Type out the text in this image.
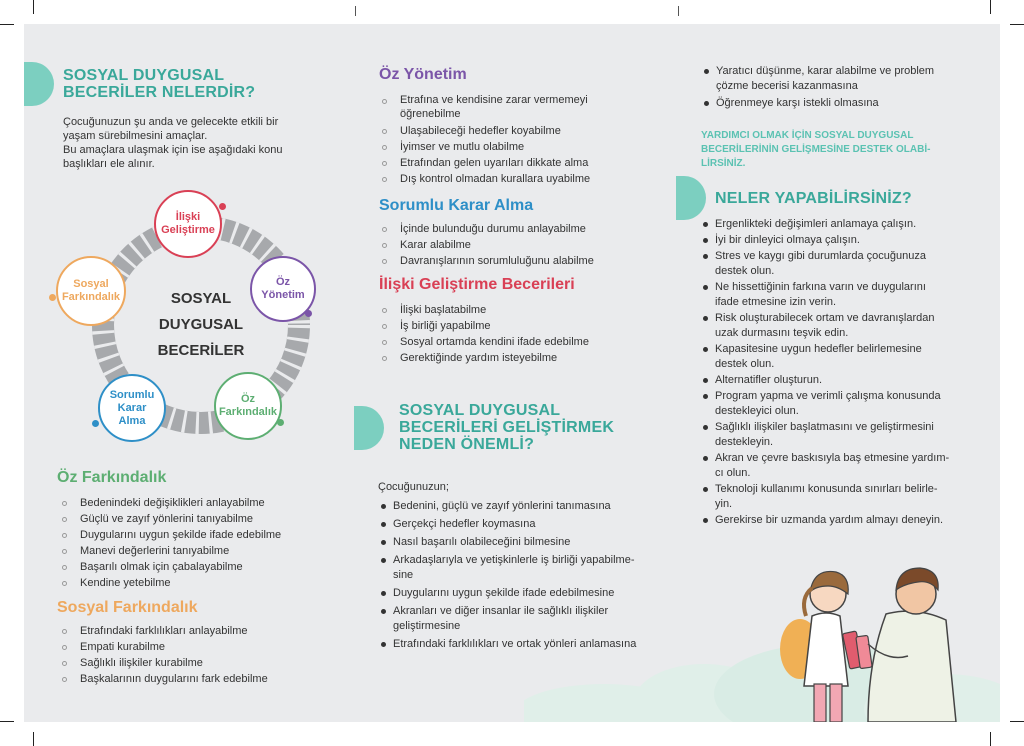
SOSYAL DUYGUSAL
BECERİLER NELERDİR?
Çocuğunuzun şu anda ve gelecekte etkili bir
yaşam sürebilmesini amaçlar.
Bu amaçlara ulaşmak için ise aşağıdaki konu
başlıkları ele alınır.
SOSYAL
DUYGUSAL
BECERİLER
İlişki
Geliştirme
Öz
Yönetim
Öz
Farkındalık
Sorumlu
Karar
Alma
Sosyal
Farkındalık
Öz Farkındalık
Bedenindeki değişiklikleri anlayabilme
Güçlü ve zayıf yönlerini tanıyabilme
Duygularını uygun şekilde ifade edebilme
Manevi değerlerini tanıyabilme
Başarılı olmak için çabalayabilme
Kendine yetebilme
Sosyal Farkındalık
Etrafındaki farklılıkları anlayabilme
Empati kurabilme
Sağlıklı ilişkiler kurabilme
Başkalarının duygularını fark edebilme
Öz Yönetim
Etrafına ve kendisine zarar vermemeyi
öğrenebilme
Ulaşabileceği hedefler koyabilme
İyimser ve mutlu olabilme
Etrafından gelen uyarıları dikkate alma
Dış kontrol olmadan kurallara uyabilme
Sorumlu Karar Alma
İçinde bulunduğu durumu anlayabilme
Karar alabilme
Davranışlarının sorumluluğunu alabilme
İlişki Geliştirme Becerileri
İlişki başlatabilme
İş birliği yapabilme
Sosyal ortamda kendini ifade edebilme
Gerektiğinde yardım isteyebilme
SOSYAL DUYGUSAL
BECERİLERİ GELİŞTİRMEK
NEDEN ÖNEMLİ?
Çocuğunuzun;
Bedenini, güçlü ve zayıf yönlerini tanımasına
Gerçekçi hedefler koymasına
Nasıl başarılı olabileceğini bilmesine
Arkadaşlarıyla ve yetişkinlerle iş birliği yapabilme-
sine
Duygularını uygun şekilde ifade edebilmesine
Akranları ve diğer insanlar ile sağlıklı ilişkiler
geliştirmesine
Etrafındaki farklılıkları ve ortak yönleri anlamasına
Yaratıcı düşünme, karar alabilme ve problem
çözme becerisi kazanmasına
Öğrenmeye karşı istekli olmasına
YARDIMCI OLMAK İÇİN SOSYAL DUYGUSAL
BECERİLERİNİN GELİŞMESİNE DESTEK OLABİ-
LİRSİNİZ.
NELER YAPABİLİRSİNİZ?
Ergenlikteki değişimleri anlamaya çalışın.
İyi bir dinleyici olmaya çalışın.
Stres ve kaygı gibi durumlarda çocuğunuza
destek olun.
Ne hissettiğinin farkına varın ve duygularını
ifade etmesine izin verin.
Risk oluşturabilecek ortam ve davranışlardan
uzak durmasını teşvik edin.
Kapasitesine uygun hedefler belirlemesine
destek olun.
Alternatifler oluşturun.
Program yapma ve verimli çalışma konusunda
destekleyici olun.
Sağlıklı ilişkiler başlatmasını ve geliştirmesini
destekleyin.
Akran ve çevre baskısıyla baş etmesine yardım-
cı olun.
Teknoloji kullanımı konusunda sınırları belirle-
yin.
Gerekirse bir uzmanda yardım almayı deneyin.
